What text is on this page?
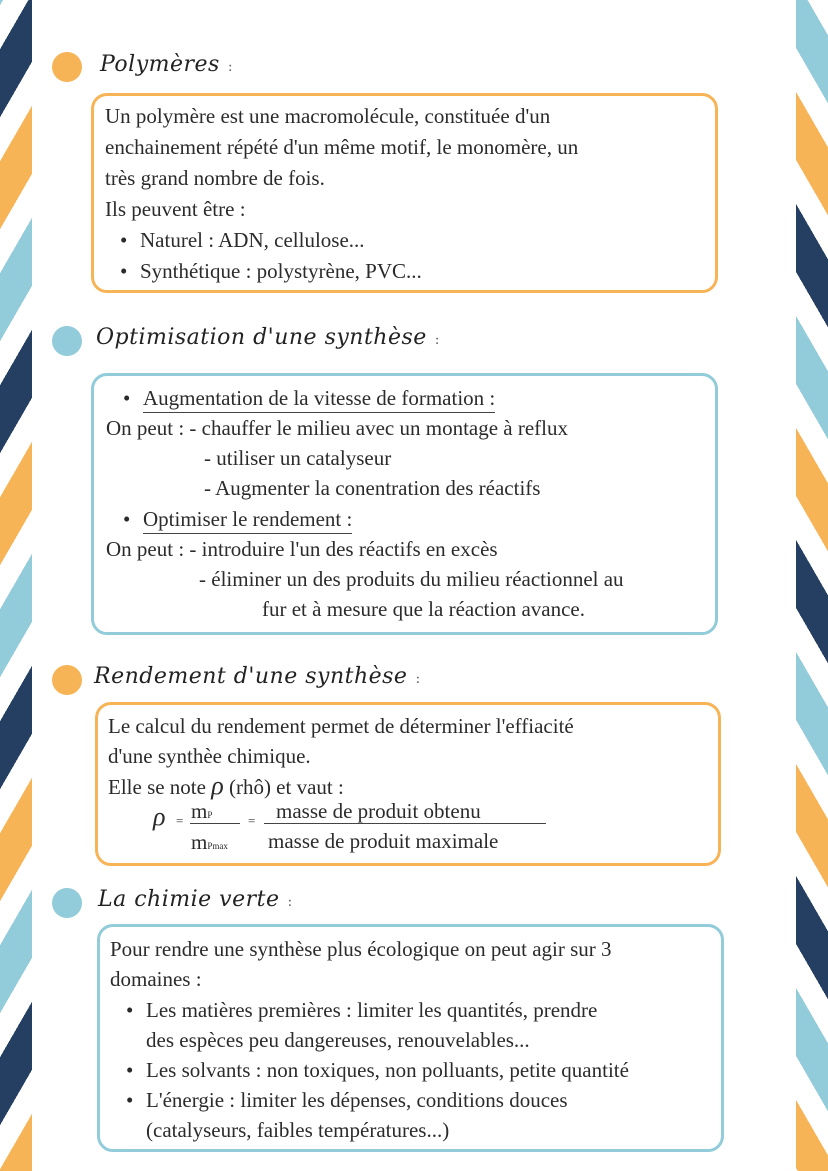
Polymères :
Un polymère est une macromolécule, constituée d'un
enchainement répété d'un même motif, le monomère, un
très grand nombre de fois.
Ils peuvent être :
• Naturel : ADN, cellulose...
• Synthétique : polystyrène, PVC...
Optimisation d'une synthèse :
• Augmentation de la vitesse de formation :
On peut : - chauffer le milieu avec un montage à reflux
- utiliser un catalyseur
- Augmenter la conentration des réactifs
• Optimiser le rendement :
On peut : - introduire l'un des réactifs en excès
- éliminer un des produits du milieu réactionnel au
fur et à mesure que la réaction avance.
Rendement d'une synthèse :
Le calcul du rendement permet de déterminer l'effiacité
d'une synthèe chimique.
Elle se note ρ (rhô) et vaut :
ρ = mP
mPmax
= masse de produit obtenu
masse de produit maximale
La chimie verte :
Pour rendre une synthèse plus écologique on peut agir sur 3
domaines :
• Les matières premières : limiter les quantités, prendre
des espèces peu dangereuses, renouvelables...
• Les solvants : non toxiques, non polluants, petite quantité
• L'énergie : limiter les dépenses, conditions douces
(catalyseurs, faibles températures...)
